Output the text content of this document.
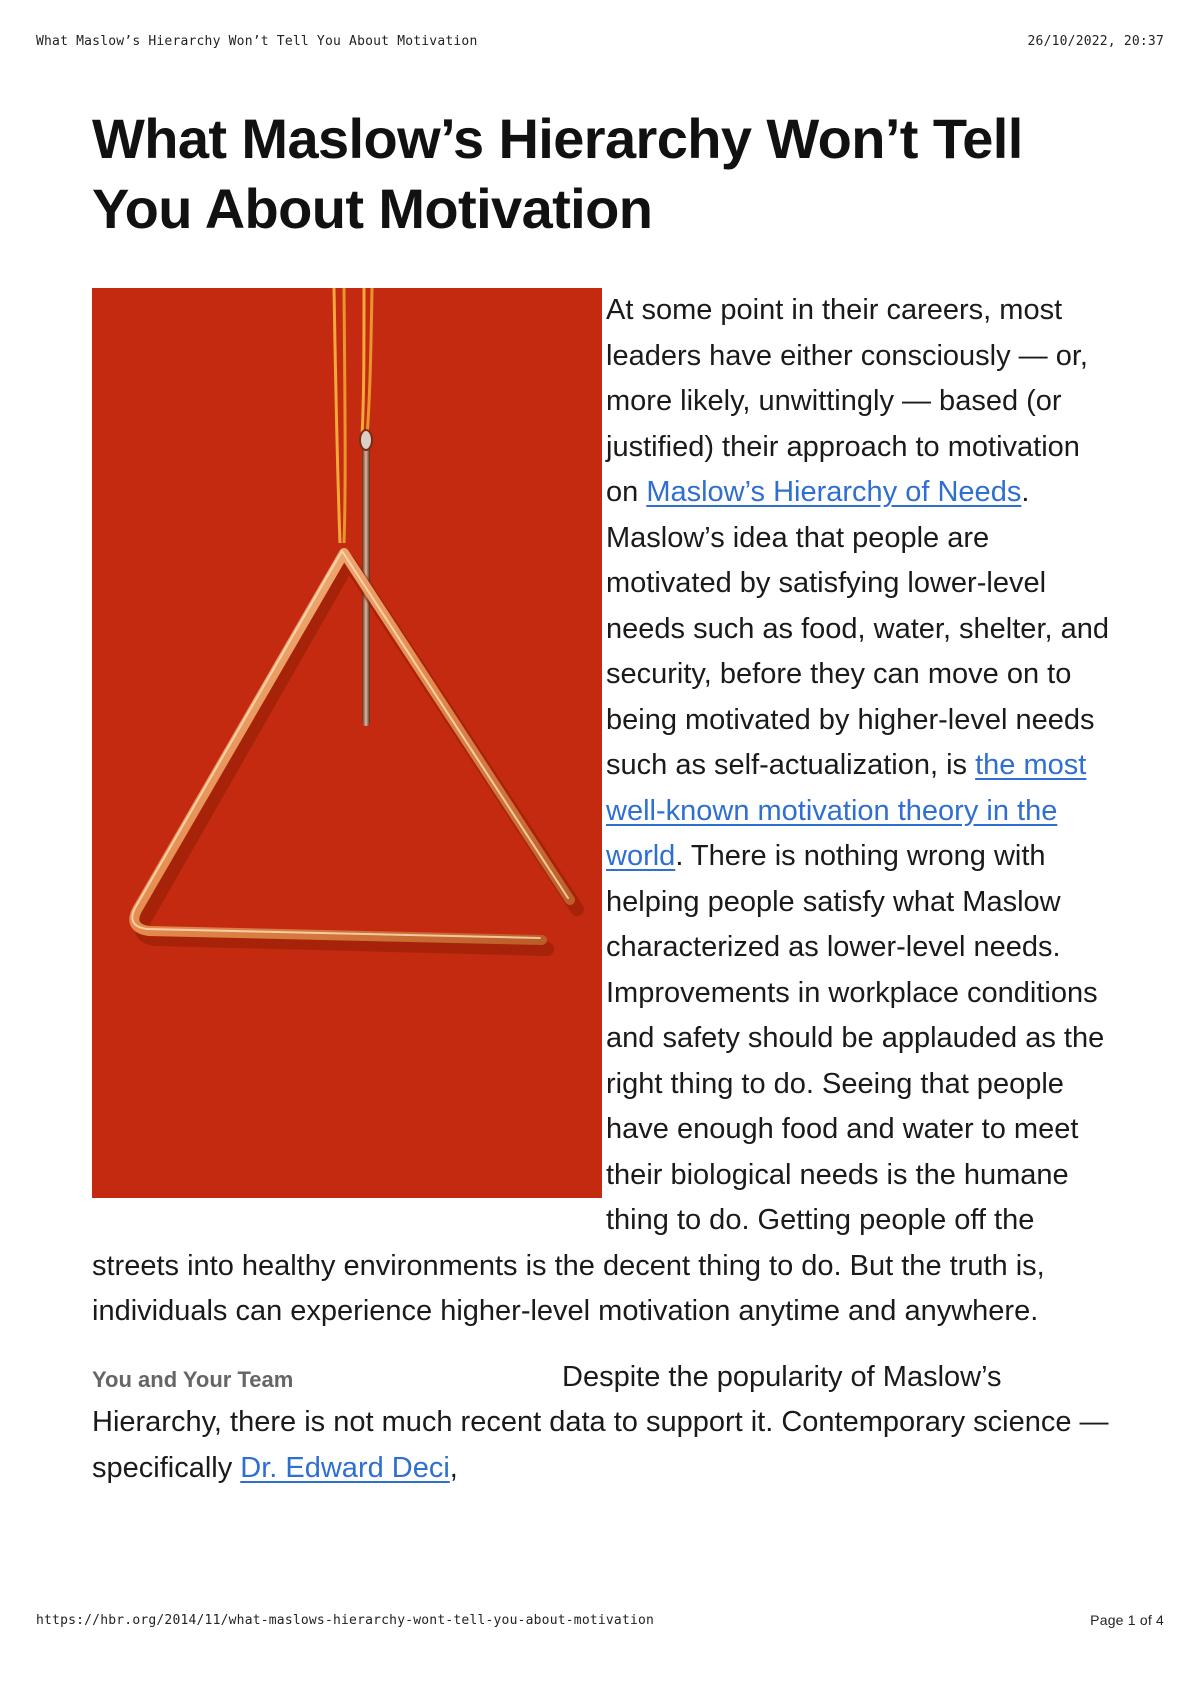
What Maslow’s Hierarchy Won’t Tell You About Motivation	26/10/2022, 20:37
What Maslow’s Hierarchy Won’t Tell You About Motivation
At some point in their careers, most leaders have either consciously — or, more likely, unwittingly — based (or justified) their approach to motivation on Maslow’s Hierarchy of Needs. Maslow’s idea that people are motivated by satisfying lower-level needs such as food, water, shelter, and security, before they can move on to being motivated by higher-level needs such as self-actualization, is the most well-known motivation theory in the world. There is nothing wrong with helping people satisfy what Maslow characterized as lower-level needs. Improvements in workplace conditions and safety should be applauded as the right thing to do. Seeing that people have enough food and water to meet their biological needs is the humane thing to do. Getting people off the streets into healthy environments is the decent thing to do. But the truth is, individuals can experience higher-level motivation anytime and anywhere.
You and Your Team	Despite the popularity of Maslow’s Hierarchy, there is not much recent data to support it. Contemporary science — specifically Dr. Edward Deci,
https://hbr.org/2014/11/what-maslows-hierarchy-wont-tell-you-about-motivation	Page 1 of 4
